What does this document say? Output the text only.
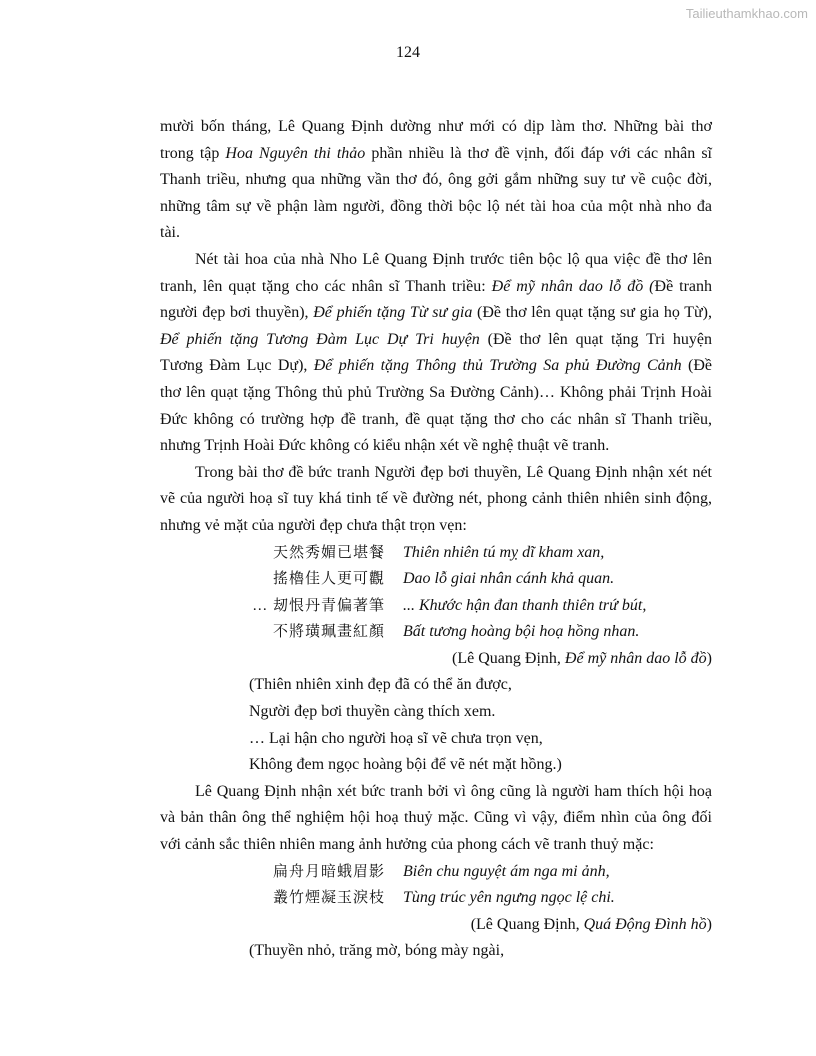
Tailieuthamkhao.com
124
mười bốn tháng, Lê Quang Định dường như mới có dịp làm thơ. Những bài thơ
trong tập Hoa Nguyên thi thảo phần nhiều là thơ đề vịnh, đối đáp với các nhân sĩ
Thanh triều, nhưng qua những vần thơ đó, ông gởi gắm những suy tư về cuộc đời,
những tâm sự về phận làm người, đồng thời bộc lộ nét tài hoa của một nhà nho đa
tài.
Nét tài hoa của nhà Nho Lê Quang Định trước tiên bộc lộ qua việc đề thơ lên
tranh, lên quạt tặng cho các nhân sĩ Thanh triều: Để mỹ nhân dao lỗ đồ (Đề tranh
người đẹp bơi thuyền), Để phiến tặng Từ sư gia (Đề thơ lên quạt tặng sư gia họ Từ),
Để phiến tặng Tương Đàm Lục Dự Tri huyện (Đề thơ lên quạt tặng Tri huyện
Tương Đàm Lục Dự), Để phiến tặng Thông thủ Trường Sa phủ Đường Cảnh (Đề
thơ lên quạt tặng Thông thủ phủ Trường Sa Đường Cảnh)… Không phải Trịnh Hoài
Đức không có trường hợp đề tranh, đề quạt tặng thơ cho các nhân sĩ Thanh triều,
nhưng Trịnh Hoài Đức không có kiểu nhận xét về nghệ thuật vẽ tranh.
Trong bài thơ đề bức tranh Người đẹp bơi thuyền, Lê Quang Định nhận xét nét
vẽ của người hoạ sĩ tuy khá tinh tế về đường nét, phong cảnh thiên nhiên sinh động,
nhưng vẻ mặt của người đẹp chưa thật trọn vẹn:
天然秀媚已堪餐 Thiên nhiên tú mỵ dĩ kham xan,
搖櫓佳人更可觀 Dao lỗ giai nhân cánh khả quan.
… 刼恨丹青偏著筆 ... Khước hận đan thanh thiên trứ bút,
不將璜珮畫紅顏 Bất tương hoàng bội hoạ hồng nhan.
(Lê Quang Định, Để mỹ nhân dao lỗ đồ)
(Thiên nhiên xinh đẹp đã có thể ăn được,
Người đẹp bơi thuyền càng thích xem.
… Lại hận cho người hoạ sĩ vẽ chưa trọn vẹn,
Không đem ngọc hoàng bội để vẽ nét mặt hồng.)
Lê Quang Định nhận xét bức tranh bởi vì ông cũng là người ham thích hội hoạ
và bản thân ông thể nghiệm hội hoạ thuỷ mặc. Cũng vì vậy, điểm nhìn của ông đối
với cảnh sắc thiên nhiên mang ảnh hưởng của phong cách vẽ tranh thuỷ mặc:
扁舟月暗蛾眉影 Biên chu nguyệt ám nga mi ảnh,
叢竹煙凝玉淚枝 Tùng trúc yên ngưng ngọc lệ chi.
(Lê Quang Định, Quá Động Đình hồ)
(Thuyền nhỏ, trăng mờ, bóng mày ngài,
